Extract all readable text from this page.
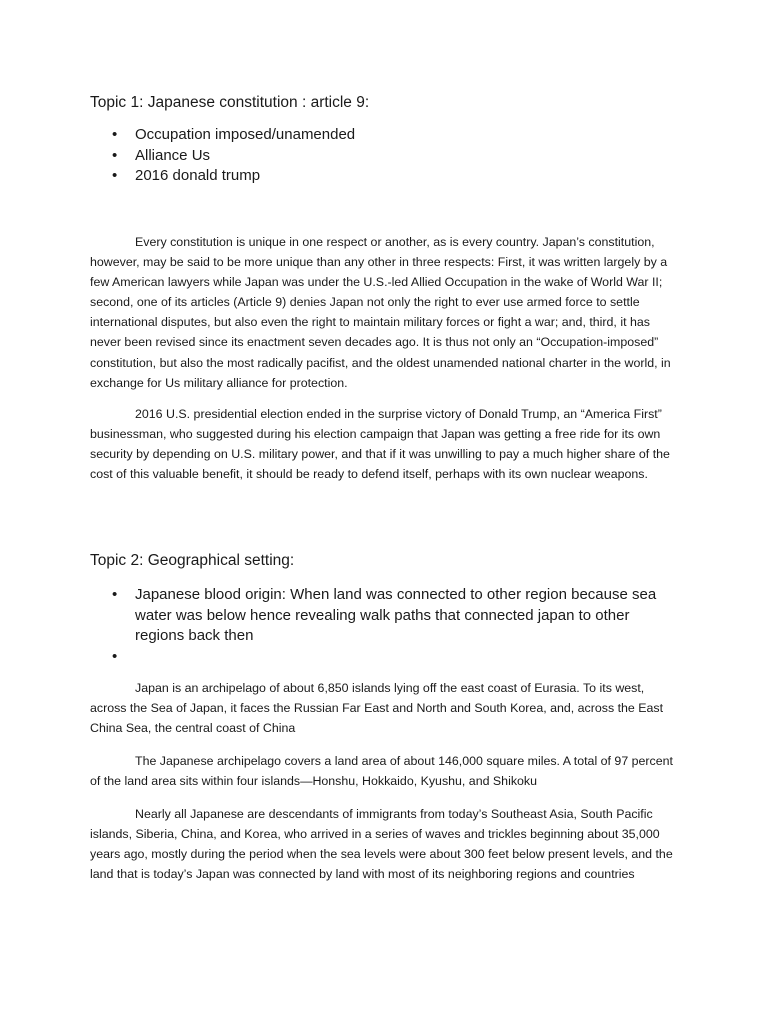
Topic 1: Japanese constitution : article 9:
• Occupation imposed/unamended
• Alliance Us
• 2016 donald trump

Every constitution is unique in one respect or another, as is every country. Japan’s constitution, however, may be said to be more unique than any other in three respects: First, it was written largely by a few American lawyers while Japan was under the U.S.-led Allied Occupation in the wake of World War II; second, one of its articles (Article 9) denies Japan not only the right to ever use armed force to settle international disputes, but also even the right to maintain military forces or fight a war; and, third, it has never been revised since its enactment seven decades ago. It is thus not only an “Occupation-imposed” constitution, but also the most radically pacifist, and the oldest unamended national charter in the world, in exchange for Us military alliance for protection.

2016 U.S. presidential election ended in the surprise victory of Donald Trump, an “America First” businessman, who suggested during his election campaign that Japan was getting a free ride for its own security by depending on U.S. military power, and that if it was unwilling to pay a much higher share of the cost of this valuable benefit, it should be ready to defend itself, perhaps with its own nuclear weapons.

Topic 2: Geographical setting:
• Japanese blood origin: When land was connected to other region because sea water was below hence revealing walk paths that connected japan to other regions back then
•

Japan is an archipelago of about 6,850 islands lying off the east coast of Eurasia. To its west, across the Sea of Japan, it faces the Russian Far East and North and South Korea, and, across the East China Sea, the central coast of China

The Japanese archipelago covers a land area of about 146,000 square miles. A total of 97 percent of the land area sits within four islands—Honshu, Hokkaido, Kyushu, and Shikoku

Nearly all Japanese are descendants of immigrants from today’s Southeast Asia, South Pacific islands, Siberia, China, and Korea, who arrived in a series of waves and trickles beginning about 35,000 years ago, mostly during the period when the sea levels were about 300 feet below present levels, and the land that is today’s Japan was connected by land with most of its neighboring regions and countries
